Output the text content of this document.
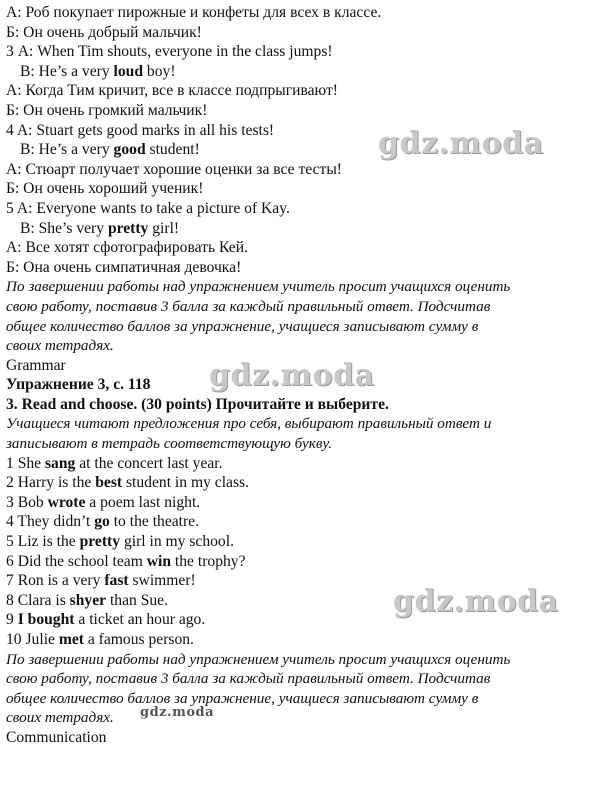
А: Роб покупает пирожные и конфеты для всех в классе.
Б: Он очень добрый мальчик!
3 А: When Tim shouts, everyone in the class jumps!
B: He’s a very loud boy!
А: Когда Тим кричит, все в классе подпрыгивают!
Б: Он очень громкий мальчик!
4 A: Stuart gets good marks in all his tests!
B: He’s a very good student!
А: Стюарт получает хорошие оценки за все тесты!
Б: Он очень хороший ученик!
5 A: Everyone wants to take a picture of Kay.
B: She’s very pretty girl!
А: Все хотят сфотографировать Кей.
Б: Она очень симпатичная девочка!
По завершении работы над упражнением учитель просит учащихся оценить
свою работу, поставив 3 балла за каждый правильный ответ. Подсчитав
общее количество баллов за упражнение, учащиеся записывают сумму в
своих тетрадях.
Grammar
Упражнение 3, с. 118
3. Read and choose. (30 points) Прочитайте и выберите.
Учащиеся читают предложения про себя, выбирают правильный ответ и
записывают в тетрадь соответствующую букву.
1 She sang at the concert last year.
2 Harry is the best student in my class.
3 Bob wrote a poem last night.
4 They didn’t go to the theatre.
5 Liz is the pretty girl in my school.
6 Did the school team win the trophy?
7 Ron is a very fast swimmer!
8 Clara is shyer than Sue.
9 I bought a ticket an hour ago.
10 Julie met a famous person.
По завершении работы над упражнением учитель просит учащихся оценить
свою работу, поставив 3 балла за каждый правильный ответ. Подсчитав
общее количество баллов за упражнение, учащиеся записывают сумму в
своих тетрадях.
Communication
gdz.moda
gdz.moda
gdz.moda
gdz.moda
